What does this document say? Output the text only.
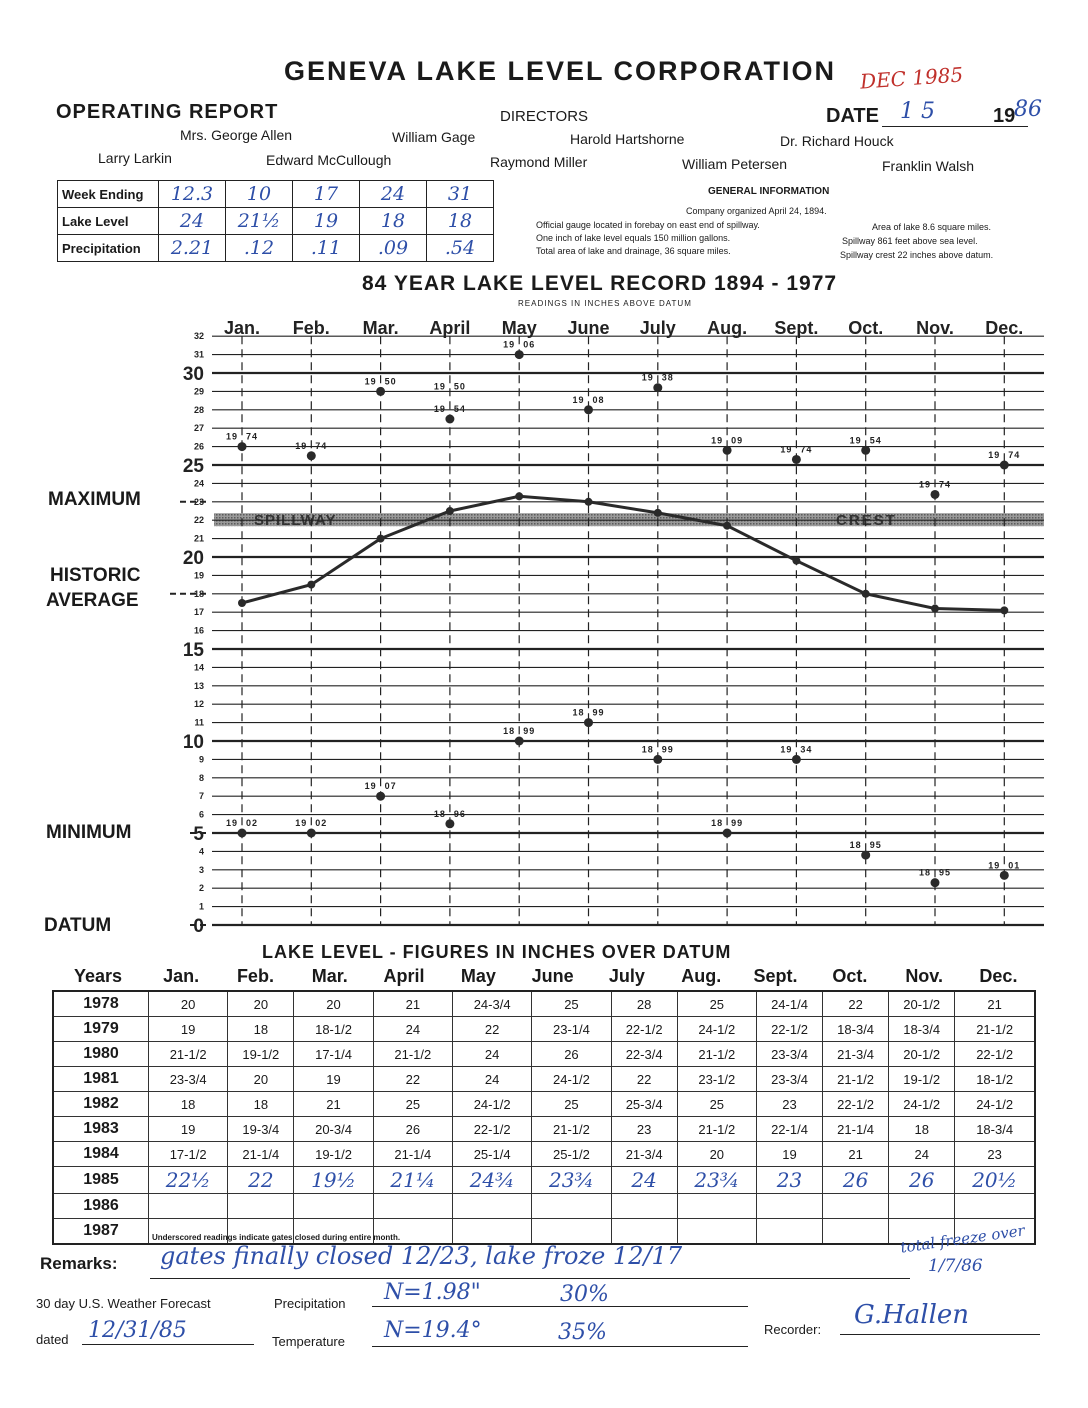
GENEVA LAKE LEVEL CORPORATION DEC 1985
OPERATING REPORT	DIRECTORS	DATE 1 5	19
86
Mrs. George Allen	William Gage	Harold Hartshorne	Dr. Richard Houck
Larry Larkin	Edward McCullough	Raymond Miller	William Petersen	Franklin Walsh
Week Ending	12.3	10	17	24	31
Lake Level	24	21½	19	18	18
Precipitation	2.21	.12	.11	.09	.54
GENERAL INFORMATION
Company organized April 24, 1894.
Official gauge located in forebay on east end of spillway.	Area of lake 8.6 square miles.
One inch of lake level equals 150 million gallons.	Spillway 861 feet above sea level.
Total area of lake and drainage, 36 square miles.	Spillway crest 22 inches above datum.
84 YEAR LAKE LEVEL RECORD 1894 - 1977
READINGS IN INCHES ABOVE DATUM
SPILLWAY	CREST
0
1
2
3
4
5
6
7
8
9
10
11
12
13
14
15
16
17
18
19
20
21
22
23
24
25
26
27
28
29
30
31
32 Jan. Feb. Mar. April May June July Aug. Sept. Oct. Nov. Dec.
19 74
19 74
19 50
19 54
19 06
19 08
19 38
19 09
19 74
19 54
19 74
19 74
19 02	19 02
19 07
18 96
18 99
18 99
18 99
18 99
19 34
18 95
18 95
19 01
19 50
MAXIMUM
HISTORIC
AVERAGE
MINIMUM
DATUM
LAKE LEVEL - FIGURES IN INCHES OVER DATUM
Years	Jan.	Feb.	Mar.	April	May	June	July	Aug.	Sept.	Oct.	Nov.	Dec.
1978	20	20	20	21	24-3/4	25	28	25	24-1/4	22	20-1/2	21
1979	19	18	18-1/2	24	22	23-1/4	22-1/2	24-1/2	22-1/2	18-3/4	18-3/4	21-1/2
1980	21-1/2	19-1/2	17-1/4	21-1/2	24	26	22-3/4	21-1/2	23-3/4	21-3/4	20-1/2	22-1/2
1981	23-3/4	20	19	22	24	24-1/2	22	23-1/2	23-3/4	21-1/2	19-1/2	18-1/2
1982	18	18	21	25	24-1/2	25	25-3/4	25	23	22-1/2	24-1/2	24-1/2
1983	19	19-3/4	20-3/4	26	22-1/2	21-1/2	23	21-1/2	22-1/4	21-1/4	18	18-3/4
1984	17-1/2	21-1/4	19-1/2	21-1/4	25-1/4	25-1/2	21-3/4	20	19	21	24	23
1985	22½	22	19½	21¼	24¾	23¾	24	23¾	23	26	26	20½
1986												
1987													Underscored readings indicate gates closed during entire month.
Remarks: gates finally closed 12/23, lake froze 12/17	total freeze over
1/7/86
30 day U.S. Weather Forecast	Precipitation N=1.98"	30%
dated 12/31/85	Temperature N=19.4°	35%	Recorder: G.Hallen
